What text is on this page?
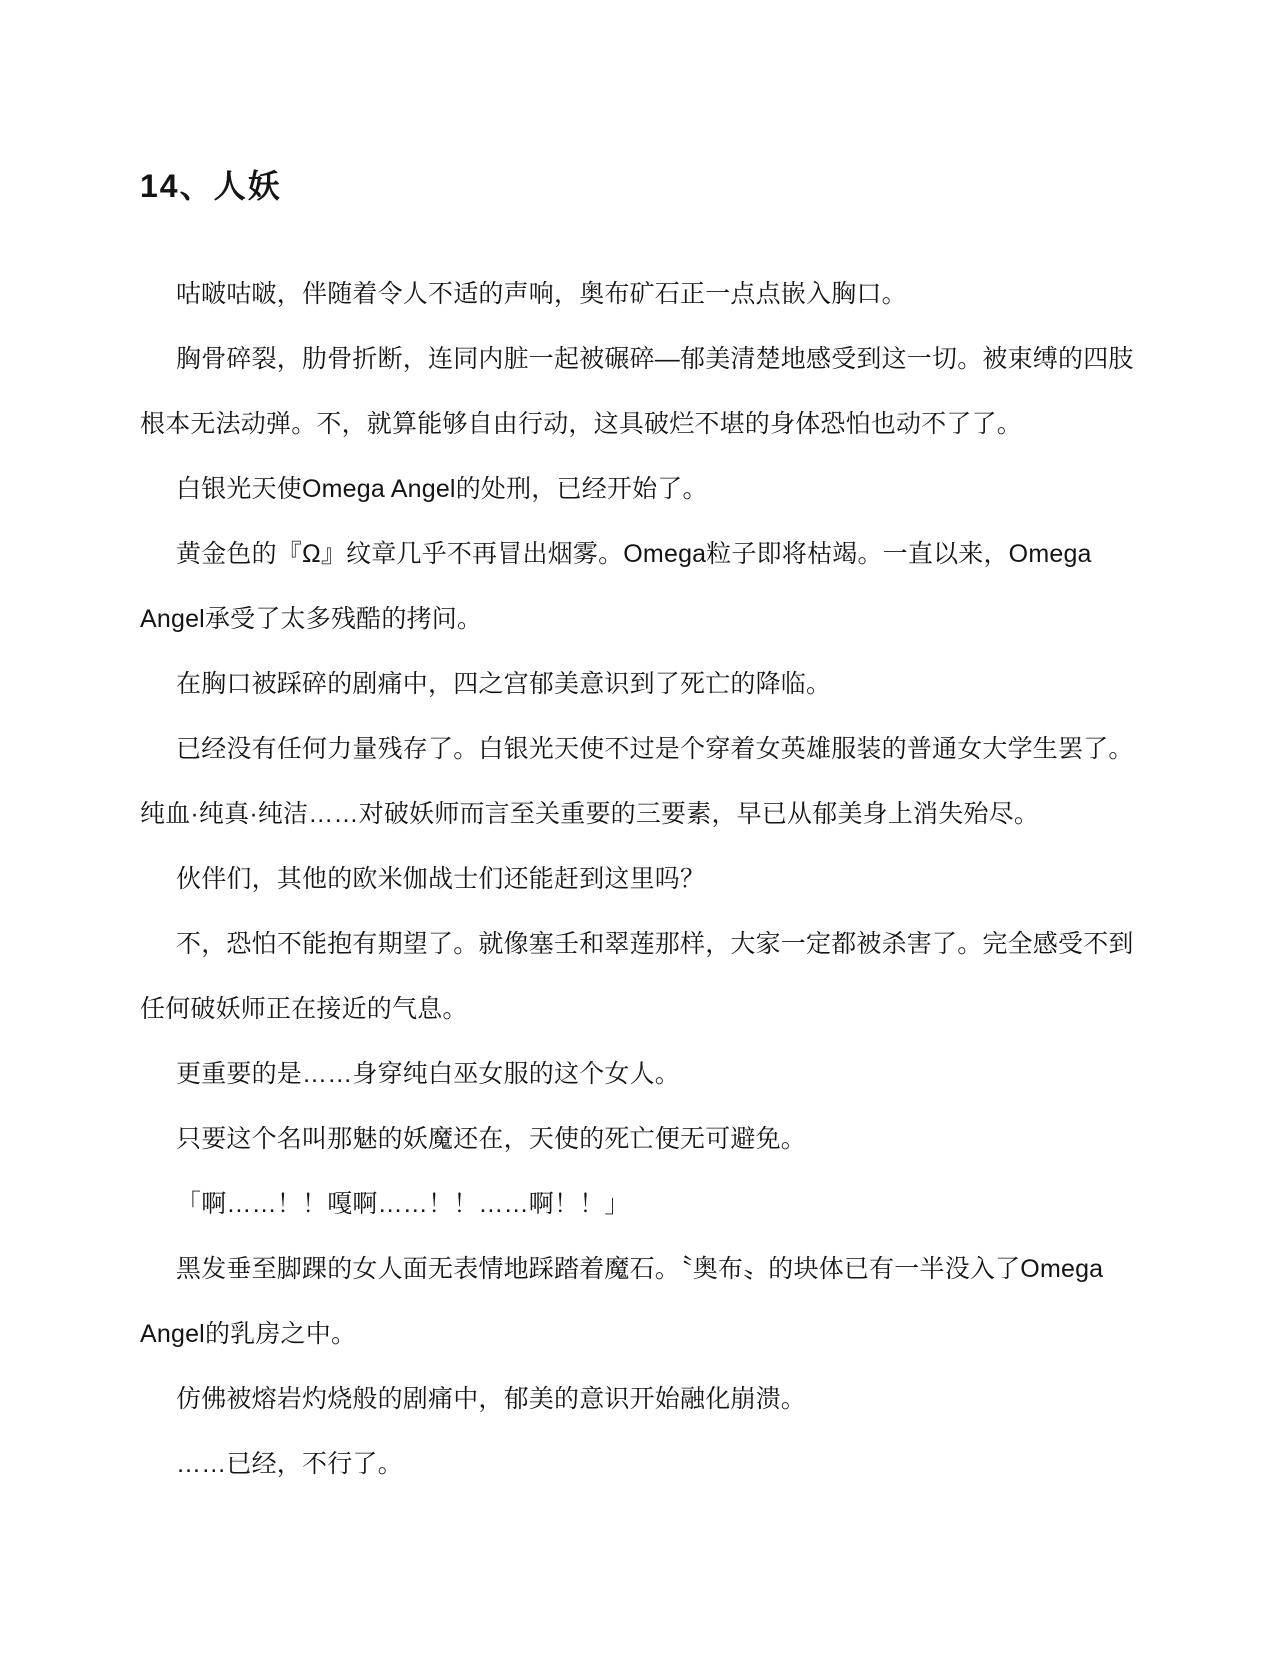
14、人妖
咕啵咕啵，伴随着令人不适的声响，奥布矿石正一点点嵌入胸口。
胸骨碎裂，肋骨折断，连同内脏一起被碾碎—郁美清楚地感受到这一切。被束缚的四肢
根本无法动弹。不，就算能够自由行动，这具破烂不堪的身体恐怕也动不了了。
白银光天使Omega Angel的处刑，已经开始了。
黄金色的『Ω』纹章几乎不再冒出烟雾。Omega粒子即将枯竭。一直以来，Omega
Angel承受了太多残酷的拷问。
在胸口被踩碎的剧痛中，四之宫郁美意识到了死亡的降临。
已经没有任何力量残存了。白银光天使不过是个穿着女英雄服装的普通女大学生罢了。
纯血·纯真·纯洁……对破妖师而言至关重要的三要素，早已从郁美身上消失殆尽。
伙伴们，其他的欧米伽战士们还能赶到这里吗？
不，恐怕不能抱有期望了。就像塞壬和翠莲那样，大家一定都被杀害了。完全感受不到
任何破妖师正在接近的气息。
更重要的是……身穿纯白巫女服的这个女人。
只要这个名叫那魅的妖魔还在，天使的死亡便无可避免。
「啊……！！嘎啊……！！……啊！！」
黑发垂至脚踝的女人面无表情地踩踏着魔石。〝奥布〟的块体已有一半没入了Omega
Angel的乳房之中。
仿佛被熔岩灼烧般的剧痛中，郁美的意识开始融化崩溃。
……已经，不行了。
